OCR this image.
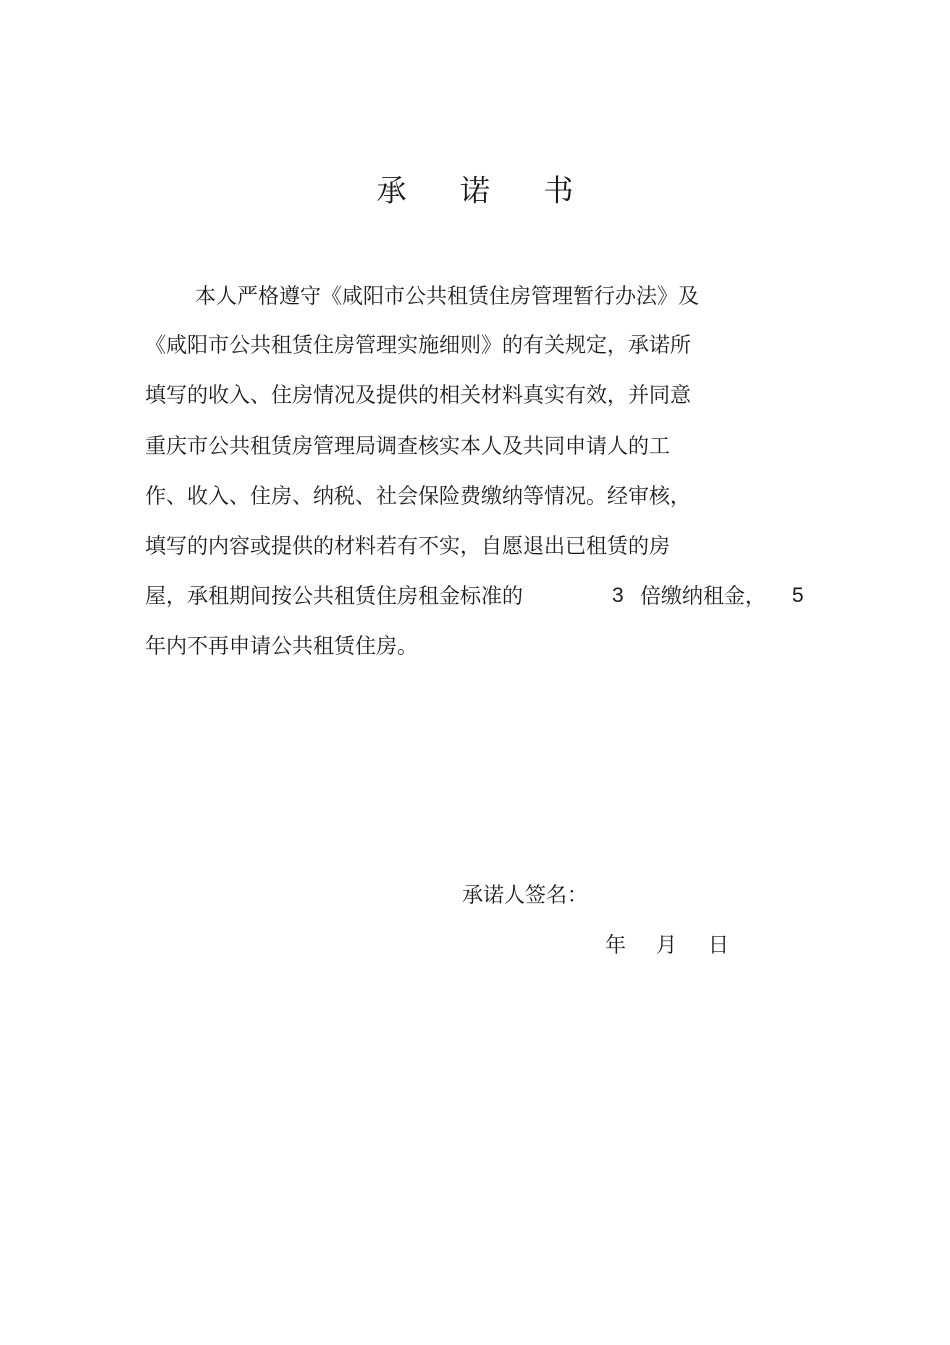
承 诺 书
本人严格遵守《咸阳市公共租赁住房管理暂行办法》及
《咸阳市公共租赁住房管理实施细则》的有关规定，承诺所
填写的收入、住房情况及提供的相关材料真实有效，并同意
重庆市公共租赁房管理局调查核实本人及共同申请人的工
作、收入、住房、纳税、社会保险费缴纳等情况。经审核，
填写的内容或提供的材料若有不实，自愿退出已租赁的房
屋，承租期间按公共租赁住房租金标准的	3 倍缴纳租金， 5
年内不再申请公共租赁住房。
承诺人签名：
年 月 日
